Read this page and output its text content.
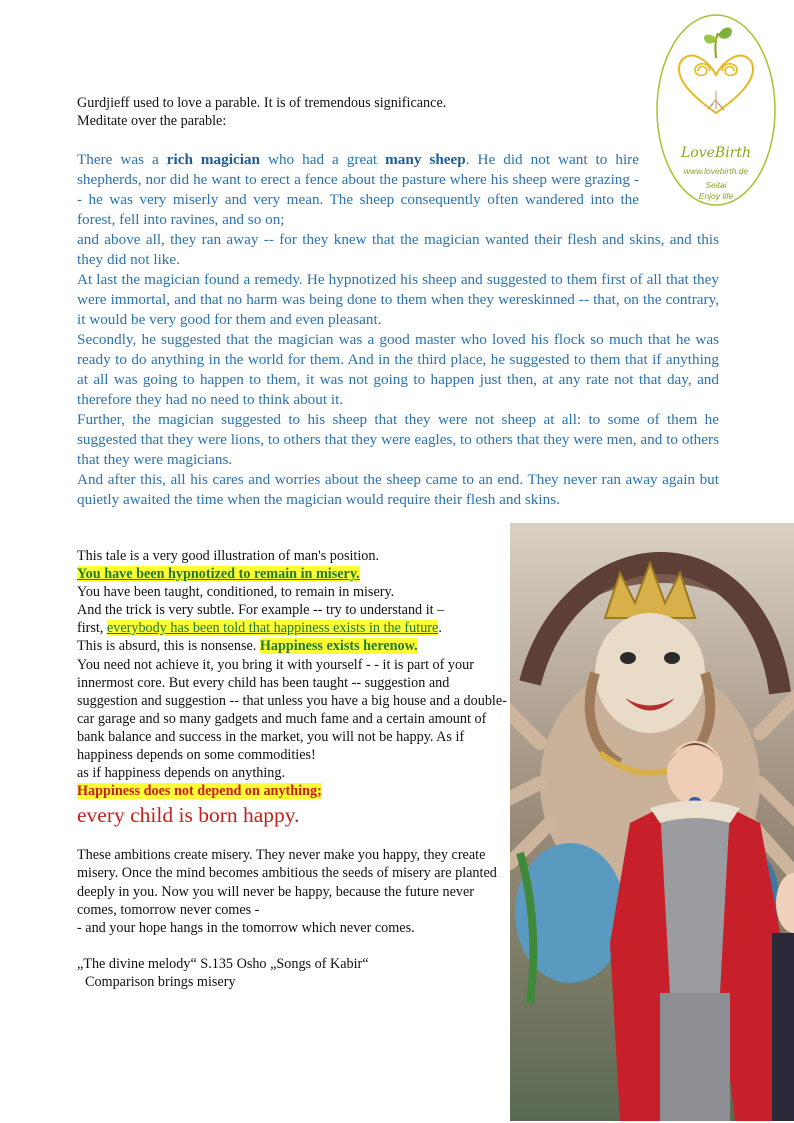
LoveBirth
www.lovebirth.de
Seitai
Enjoy life
Gurdjieff used to love a parable. It is of tremendous significance.
Meditate over the parable:

There was a rich magician who had a great many sheep. He did not want to hire shepherds, nor did he want to erect a fence about the pasture where his sheep were grazing -- he was very miserly and very mean. The sheep consequently often wandered into the forest, fell into ravines, and so on;

and above all, they ran away -- for they knew that the magician wanted their flesh and skins, and this they did not like.

At last the magician found a remedy. He hypnotized his sheep and suggested to them first of all that they were immortal, and that no harm was being done to them when they wereskinned -- that, on the contrary, it would be very good for them and even pleasant.

Secondly, he suggested that the magician was a good master who loved his flock so much that he was ready to do anything in the world for them. And in the third place, he suggested to them that if anything at all was going to happen to them, it was not going to happen just then, at any rate not that day, and therefore they had no need to think about it.

Further, the magician suggested to his sheep that they were not sheep at all: to some of them he suggested that they were lions, to others that they were eagles, to others that they were men, and to others that they were magicians.

And after this, all his cares and worries about the sheep came to an end. They never ran away again but quietly awaited the time when the magician would require their flesh and skins.

This tale is a very good illustration of man's position.

You have been hypnotized to remain in misery.

You have been taught, conditioned, to remain in misery.

And the trick is very subtle. For example -- try to understand it –

first, everybody has been told that happiness exists in the future.

This is absurd, this is nonsense. Happiness exists herenow.

You need not achieve it, you bring it with yourself - - it is part of your innermost core. But every child has been taught -- suggestion and suggestion and suggestion -- that unless you have a big house and a double-car garage and so many gadgets and much fame and a certain amount of bank balance and success in the market, you will not be happy. As if happiness depends on some commodities!

as if happiness depends on anything.

Happiness does not depend on anything;

every child is born happy.

These ambitions create misery. They never make you happy, they create misery. Once the mind becomes ambitious the seeds of misery are planted deeply in you. Now you will never be happy, because the future never comes, tomorrow never comes -

- and your hope hangs in the tomorrow which never comes.

„The divine melody“ S.135 Osho „Songs of Kabir“

Comparison brings misery
